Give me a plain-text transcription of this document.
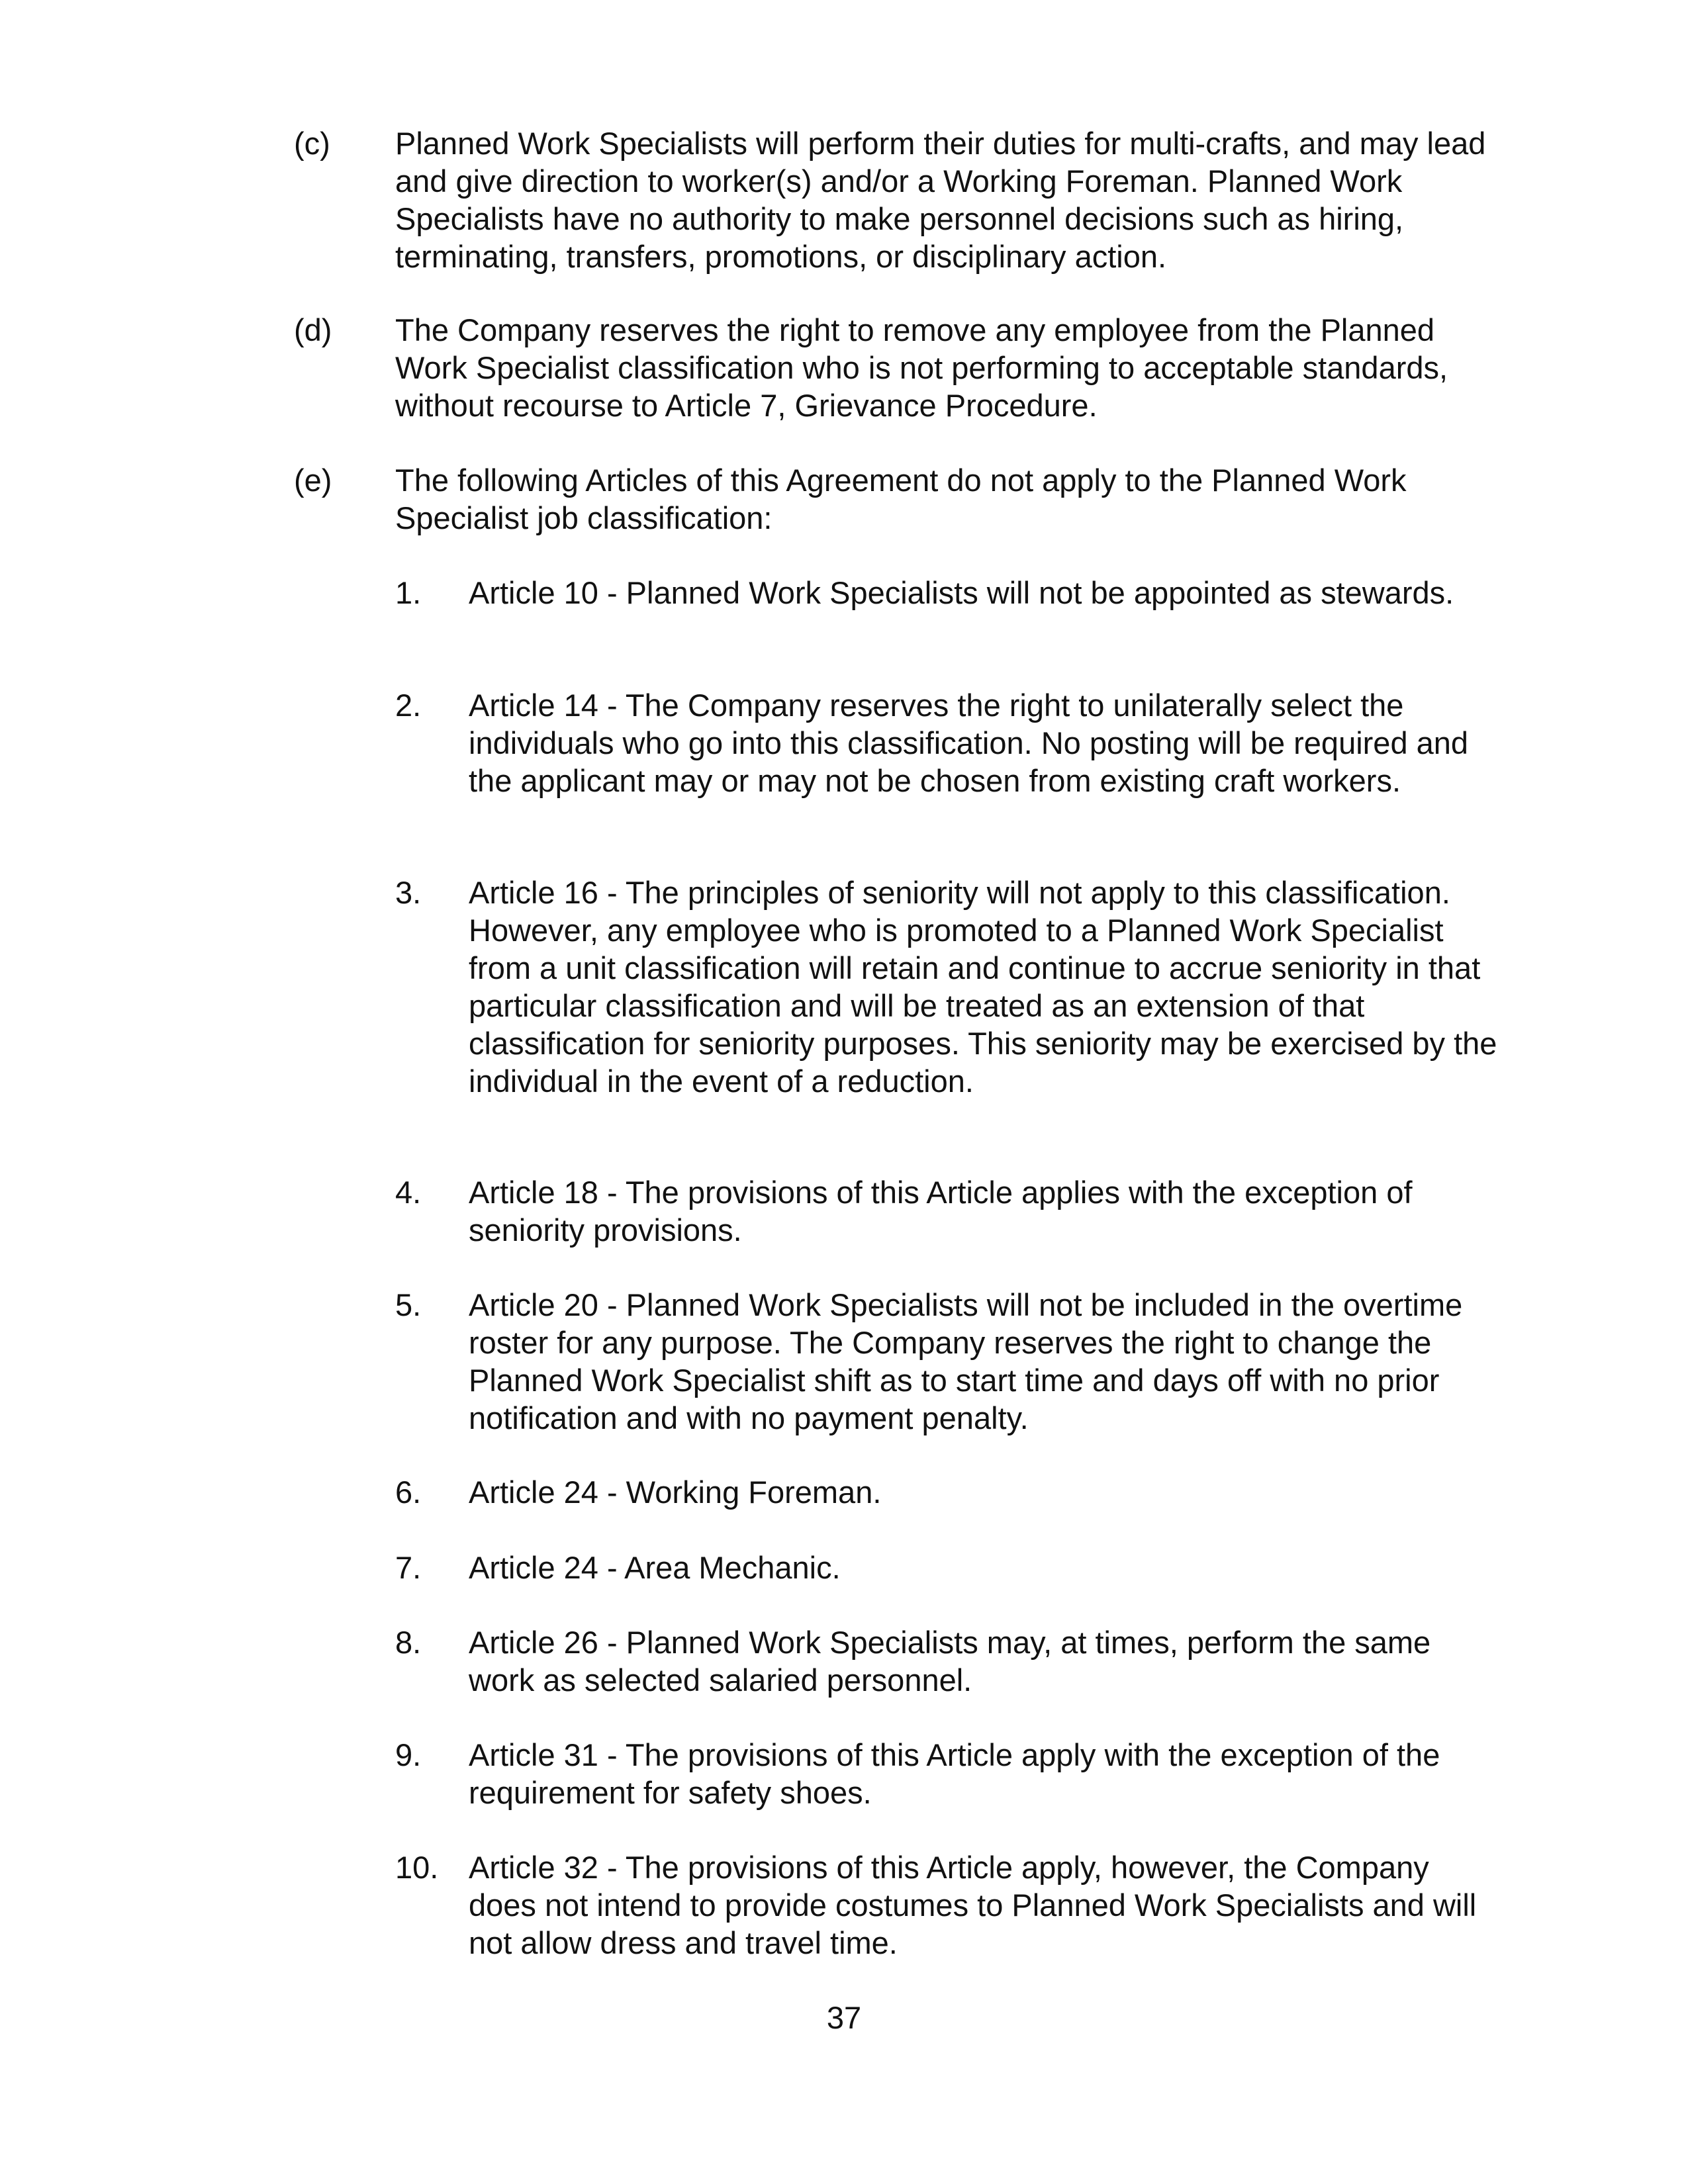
(c) Planned Work Specialists will perform their duties for multi-crafts, and may lead and give direction to worker(s) and/or a Working Foreman. Planned Work Specialists have no authority to make personnel decisions such as hiring, terminating, transfers, promotions, or disciplinary action.
(d) The Company reserves the right to remove any employee from the Planned Work Specialist classification who is not performing to acceptable standards, without recourse to Article 7, Grievance Procedure.
(e) The following Articles of this Agreement do not apply to the Planned Work Specialist job classification:
1. Article 10 - Planned Work Specialists will not be appointed as stewards.
2. Article 14 - The Company reserves the right to unilaterally select the individuals who go into this classification. No posting will be required and the applicant may or may not be chosen from existing craft workers.
3. Article 16 - The principles of seniority will not apply to this classification. However, any employee who is promoted to a Planned Work Specialist from a unit classification will retain and continue to accrue seniority in that particular classification and will be treated as an extension of that classification for seniority purposes. This seniority may be exercised by the individual in the event of a reduction.
4. Article 18 - The provisions of this Article applies with the exception of seniority provisions.
5. Article 20 - Planned Work Specialists will not be included in the overtime roster for any purpose. The Company reserves the right to change the Planned Work Specialist shift as to start time and days off with no prior notification and with no payment penalty.
6. Article 24 - Working Foreman.
7. Article 24 - Area Mechanic.
8. Article 26 - Planned Work Specialists may, at times, perform the same work as selected salaried personnel.
9. Article 31 - The provisions of this Article apply with the exception of the requirement for safety shoes.
10. Article 32 - The provisions of this Article apply, however, the Company does not intend to provide costumes to Planned Work Specialists and will not allow dress and travel time.
37
